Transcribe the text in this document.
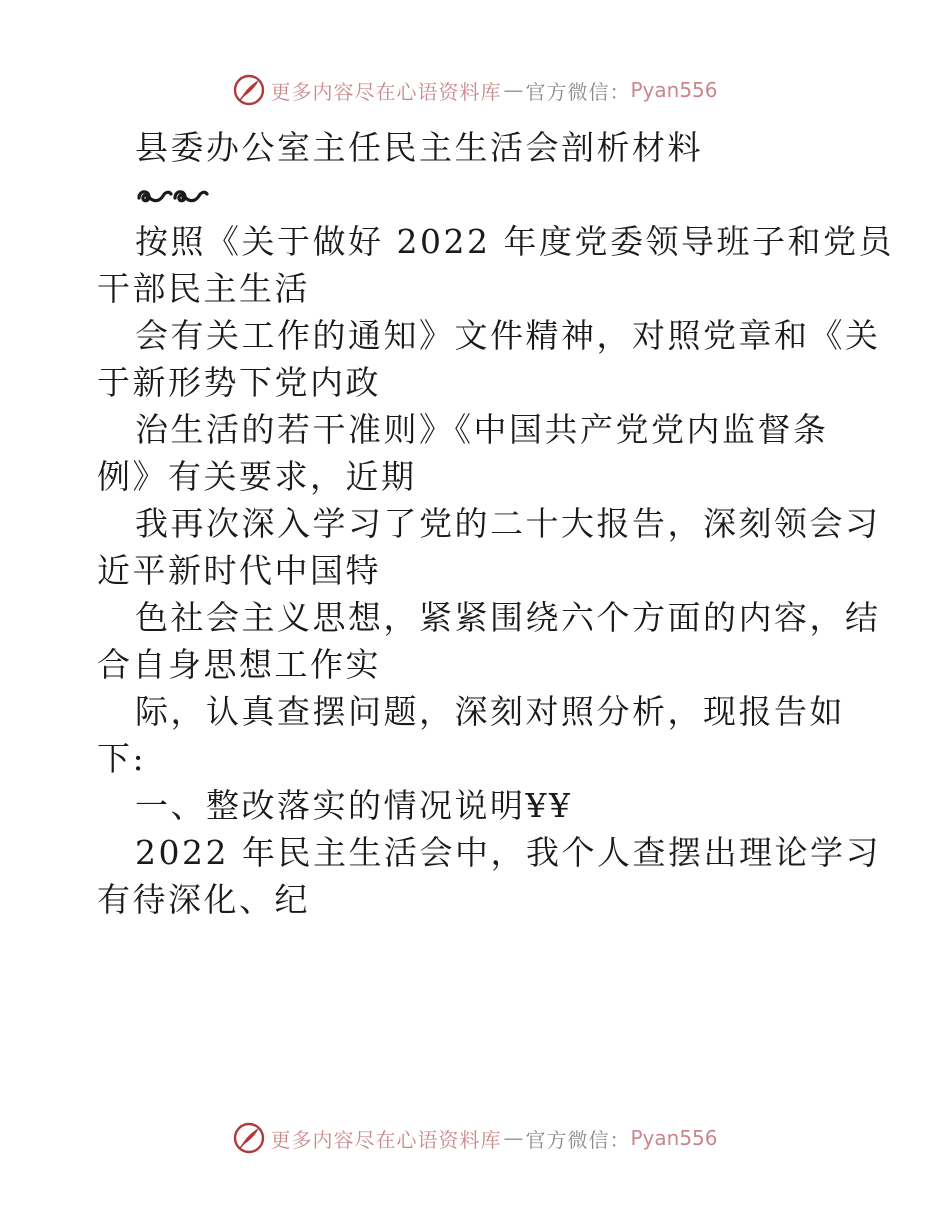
更多内容尽在心语资料库 — 官方微信： Pyan556
县委办公室主任民主生活会剖析材料
按照《关于做好 2022 年度党委领导班子和党员
干部民主生活
会有关工作的通知》文件精神，对照党章和《关
于新形势下党内政
治生活的若干准则》《中国共产党党内监督条
例》有关要求，近期
我再次深入学习了党的二十大报告，深刻领会习
近平新时代中国特
色社会主义思想，紧紧围绕六个方面的内容，结
合自身思想工作实
际，认真查摆问题，深刻对照分析，现报告如
下:
一、整改落实的情况说明¥¥
2022 年民主生活会中，我个人查摆出理论学习
有待深化、纪
更多内容尽在心语资料库 — 官方微信： Pyan556
